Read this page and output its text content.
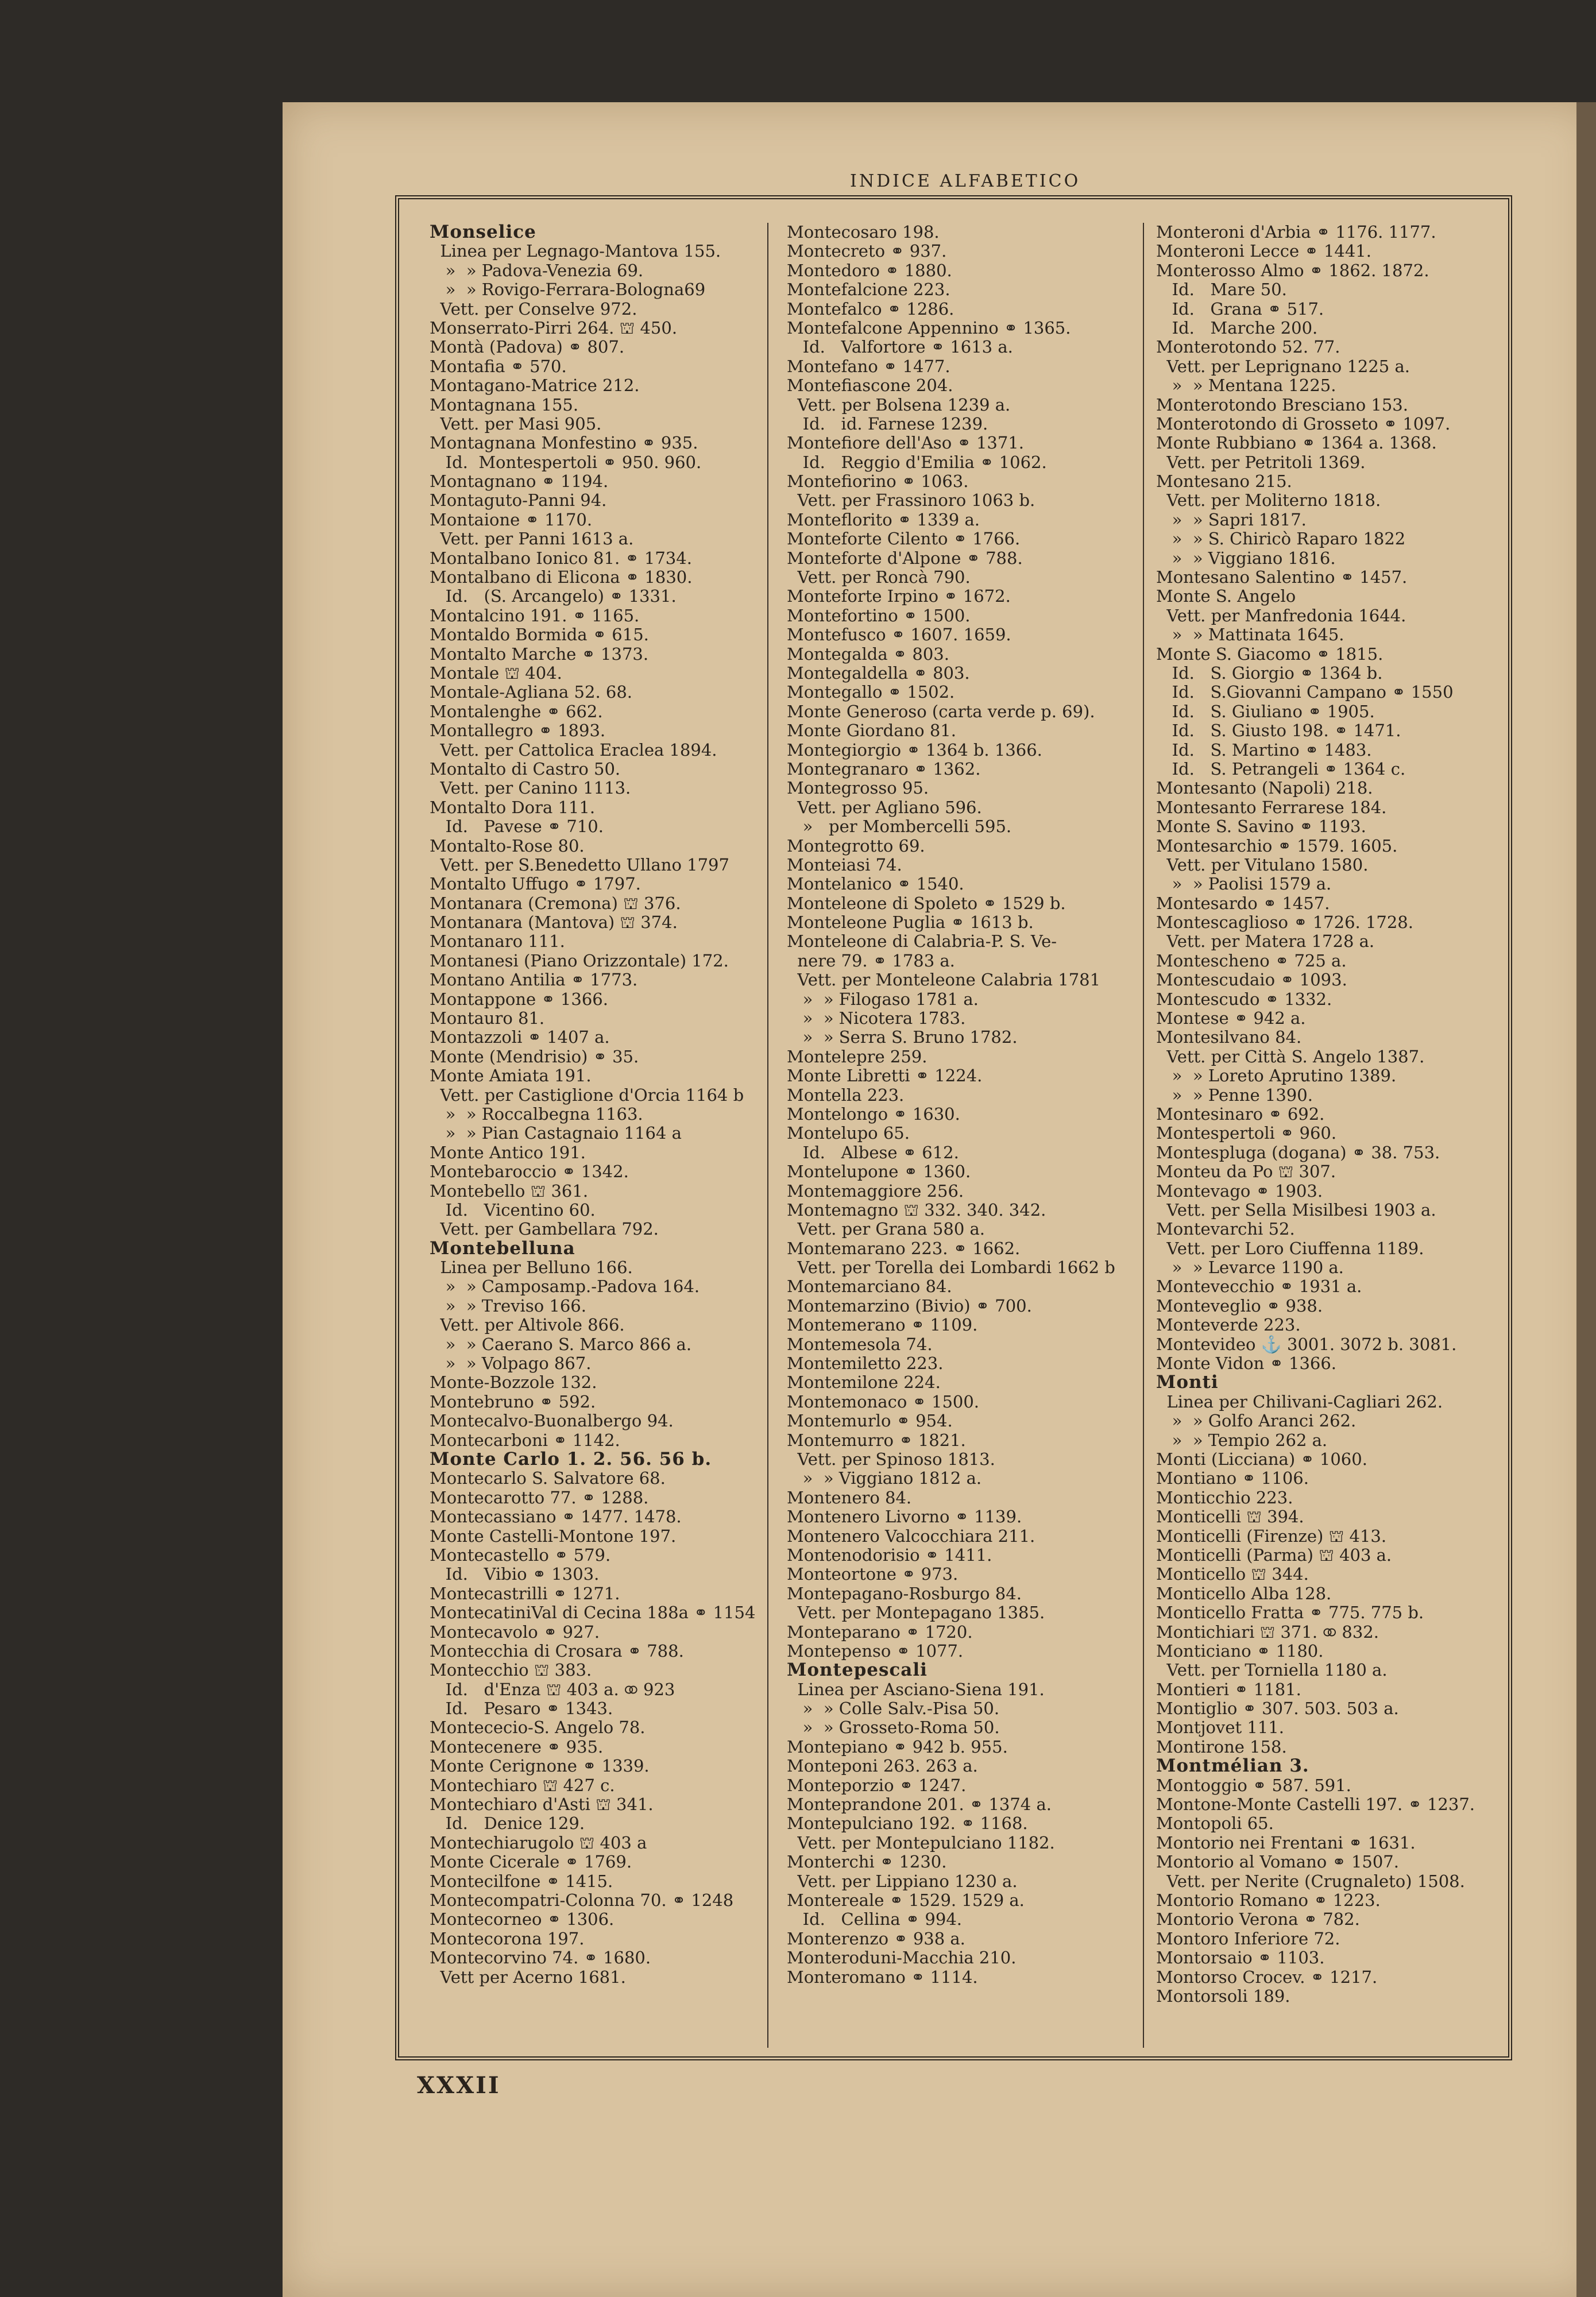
INDICE ALFABETICO
Monselice
Linea per Legnago-Mantova 155.
»  » Padova-Venezia 69.
»  » Rovigo-Ferrara-Bologna69
Vett. per Conselve 972.
Monserrato-Pirri 264. ⛫ 450.
Montà (Padova) ⚭ 807.
Montafia ⚭ 570.
Montagano-Matrice 212.
Montagnana 155.
Vett. per Masi 905.
Montagnana Monfestino ⚭ 935.
Id.  Montespertoli ⚭ 950. 960.
Montagnano ⚭ 1194.
Montaguto-Panni 94.
Montaione ⚭ 1170.
Vett. per Panni 1613 a.
Montalbano Ionico 81. ⚭ 1734.
Montalbano di Elicona ⚭ 1830.
Id.   (S. Arcangelo) ⚭ 1331.
Montalcino 191. ⚭ 1165.
Montaldo Bormida ⚭ 615.
Montalto Marche ⚭ 1373.
Montale ⛫ 404.
Montale-Agliana 52. 68.
Montalenghe ⚭ 662.
Montallegro ⚭ 1893.
Vett. per Cattolica Eraclea 1894.
Montalto di Castro 50.
Vett. per Canino 1113.
Montalto Dora 111.
Id.   Pavese ⚭ 710.
Montalto-Rose 80.
Vett. per S.Benedetto Ullano 1797
Montalto Uffugo ⚭ 1797.
Montanara (Cremona) ⛫ 376.
Montanara (Mantova) ⛫ 374.
Montanaro 111.
Montanesi (Piano Orizzontale) 172.
Montano Antilia ⚭ 1773.
Montappone ⚭ 1366.
Montauro 81.
Montazzoli ⚭ 1407 a.
Monte (Mendrisio) ⚭ 35.
Monte Amiata 191.
Vett. per Castiglione d'Orcia 1164 b
»  » Roccalbegna 1163.
»  » Pian Castagnaio 1164 a
Monte Antico 191.
Montebaroccio ⚭ 1342.
Montebello ⛫ 361.
Id.   Vicentino 60.
Vett. per Gambellara 792.
Montebelluna
Linea per Belluno 166.
»  » Camposamp.-Padova 164.
»  » Treviso 166.
Vett. per Altivole 866.
»  » Caerano S. Marco 866 a.
»  » Volpago 867.
Monte-Bozzole 132.
Montebruno ⚭ 592.
Montecalvo-Buonalbergo 94.
Montecarboni ⚭ 1142.
Monte Carlo 1. 2. 56. 56 b.
Montecarlo S. Salvatore 68.
Montecarotto 77. ⚭ 1288.
Montecassiano ⚭ 1477. 1478.
Monte Castelli-Montone 197.
Montecastello ⚭ 579.
Id.   Vibio ⚭ 1303.
Montecastrilli ⚭ 1271.
MontecatiniVal di Cecina 188a ⚭ 1154
Montecavolo ⚭ 927.
Montecchia di Crosara ⚭ 788.
Montecchio ⛫ 383.
Id.   d'Enza ⛫ 403 a. ⚭ 923
Id.   Pesaro ⚭ 1343.
Montececio-S. Angelo 78.
Montecenere ⚭ 935.
Monte Cerignone ⚭ 1339.
Montechiaro ⛫ 427 c.
Montechiaro d'Asti ⛫ 341.
Id.   Denice 129.
Montechiarugolo ⛫ 403 a
Monte Cicerale ⚭ 1769.
Montecilfone ⚭ 1415.
Montecompatri-Colonna 70. ⚭ 1248
Montecorneo ⚭ 1306.
Montecorona 197.
Montecorvino 74. ⚭ 1680.
Vett per Acerno 1681.
Montecosaro 198.
Montecreto ⚭ 937.
Montedoro ⚭ 1880.
Montefalcione 223.
Montefalco ⚭ 1286.
Montefalcone Appennino ⚭ 1365.
Id.   Valfortore ⚭ 1613 a.
Montefano ⚭ 1477.
Montefiascone 204.
Vett. per Bolsena 1239 a.
Id.   id. Farnese 1239.
Montefiore dell'Aso ⚭ 1371.
Id.   Reggio d'Emilia ⚭ 1062.
Montefiorino ⚭ 1063.
Vett. per Frassinoro 1063 b.
Monteflorito ⚭ 1339 a.
Monteforte Cilento ⚭ 1766.
Monteforte d'Alpone ⚭ 788.
Vett. per Roncà 790.
Monteforte Irpino ⚭ 1672.
Montefortino ⚭ 1500.
Montefusco ⚭ 1607. 1659.
Montegalda ⚭ 803.
Montegaldella ⚭ 803.
Montegallo ⚭ 1502.
Monte Generoso (carta verde p. 69).
Monte Giordano 81.
Montegiorgio ⚭ 1364 b. 1366.
Montegranaro ⚭ 1362.
Montegrosso 95.
Vett. per Agliano 596.
»   per Mombercelli 595.
Montegrotto 69.
Monteiasi 74.
Montelanico ⚭ 1540.
Monteleone di Spoleto ⚭ 1529 b.
Monteleone Puglia ⚭ 1613 b.
Monteleone di Calabria-P. S. Ve-
nere 79. ⚭ 1783 a.
Vett. per Monteleone Calabria 1781
»  » Filogaso 1781 a.
»  » Nicotera 1783.
»  » Serra S. Bruno 1782.
Montelepre 259.
Monte Libretti ⚭ 1224.
Montella 223.
Montelongo ⚭ 1630.
Montelupo 65.
Id.   Albese ⚭ 612.
Montelupone ⚭ 1360.
Montemaggiore 256.
Montemagno ⛫ 332. 340. 342.
Vett. per Grana 580 a.
Montemarano 223. ⚭ 1662.
Vett. per Torella dei Lombardi 1662 b
Montemarciano 84.
Montemarzino (Bivio) ⚭ 700.
Montemerano ⚭ 1109.
Montemesola 74.
Montemiletto 223.
Montemilone 224.
Montemonaco ⚭ 1500.
Montemurlo ⚭ 954.
Montemurro ⚭ 1821.
Vett. per Spinoso 1813.
»  » Viggiano 1812 a.
Montenero 84.
Montenero Livorno ⚭ 1139.
Montenero Valcocchiara 211.
Montenodorisio ⚭ 1411.
Monteortone ⚭ 973.
Montepagano-Rosburgo 84.
Vett. per Montepagano 1385.
Monteparano ⚭ 1720.
Montepenso ⚭ 1077.
Montepescali
Linea per Asciano-Siena 191.
»  » Colle Salv.-Pisa 50.
»  » Grosseto-Roma 50.
Montepiano ⚭ 942 b. 955.
Monteponi 263. 263 a.
Monteporzio ⚭ 1247.
Monteprandone 201. ⚭ 1374 a.
Montepulciano 192. ⚭ 1168.
Vett. per Montepulciano 1182.
Monterchi ⚭ 1230.
Vett. per Lippiano 1230 a.
Montereale ⚭ 1529. 1529 a.
Id.   Cellina ⚭ 994.
Monterenzo ⚭ 938 a.
Monteroduni-Macchia 210.
Monteromano ⚭ 1114.
Monteroni d'Arbia ⚭ 1176. 1177.
Monteroni Lecce ⚭ 1441.
Monterosso Almo ⚭ 1862. 1872.
Id.   Mare 50.
Id.   Grana ⚭ 517.
Id.   Marche 200.
Monterotondo 52. 77.
Vett. per Leprignano 1225 a.
»  » Mentana 1225.
Monterotondo Bresciano 153.
Monterotondo di Grosseto ⚭ 1097.
Monte Rubbiano ⚭ 1364 a. 1368.
Vett. per Petritoli 1369.
Montesano 215.
Vett. per Moliterno 1818.
»  » Sapri 1817.
»  » S. Chiricò Raparo 1822
»  » Viggiano 1816.
Montesano Salentino ⚭ 1457.
Monte S. Angelo
Vett. per Manfredonia 1644.
»  » Mattinata 1645.
Monte S. Giacomo ⚭ 1815.
Id.   S. Giorgio ⚭ 1364 b.
Id.   S.Giovanni Campano ⚭ 1550
Id.   S. Giuliano ⚭ 1905.
Id.   S. Giusto 198. ⚭ 1471.
Id.   S. Martino ⚭ 1483.
Id.   S. Petrangeli ⚭ 1364 c.
Montesanto (Napoli) 218.
Montesanto Ferrarese 184.
Monte S. Savino ⚭ 1193.
Montesarchio ⚭ 1579. 1605.
Vett. per Vitulano 1580.
»  » Paolisi 1579 a.
Montesardo ⚭ 1457.
Montescaglioso ⚭ 1726. 1728.
Vett. per Matera 1728 a.
Montescheno ⚭ 725 a.
Montescudaio ⚭ 1093.
Montescudo ⚭ 1332.
Montese ⚭ 942 a.
Montesilvano 84.
Vett. per Città S. Angelo 1387.
»  » Loreto Aprutino 1389.
»  » Penne 1390.
Montesinaro ⚭ 692.
Montespertoli ⚭ 960.
Montespluga (dogana) ⚭ 38. 753.
Monteu da Po ⛫ 307.
Montevago ⚭ 1903.
Vett. per Sella Misilbesi 1903 a.
Montevarchi 52.
Vett. per Loro Ciuffenna 1189.
»  » Levarce 1190 a.
Montevecchio ⚭ 1931 a.
Monteveglio ⚭ 938.
Monteverde 223.
Montevideo ⚓ 3001. 3072 b. 3081.
Monte Vidon ⚭ 1366.
Monti
Linea per Chilivani-Cagliari 262.
»  » Golfo Aranci 262.
»  » Tempio 262 a.
Monti (Licciana) ⚭ 1060.
Montiano ⚭ 1106.
Monticchio 223.
Monticelli ⛫ 394.
Monticelli (Firenze) ⛫ 413.
Monticelli (Parma) ⛫ 403 a.
Monticello ⛫ 344.
Monticello Alba 128.
Monticello Fratta ⚭ 775. 775 b.
Montichiari ⛫ 371. ⚭ 832.
Monticiano ⚭ 1180.
Vett. per Torniella 1180 a.
Montieri ⚭ 1181.
Montiglio ⚭ 307. 503. 503 a.
Montjovet 111.
Montirone 158.
Montmélian 3.
Montoggio ⚭ 587. 591.
Montone-Monte Castelli 197. ⚭ 1237.
Montopoli 65.
Montorio nei Frentani ⚭ 1631.
Montorio al Vomano ⚭ 1507.
Vett. per Nerite (Crugnaleto) 1508.
Montorio Romano ⚭ 1223.
Montorio Verona ⚭ 782.
Montoro Inferiore 72.
Montorsaio ⚭ 1103.
Montorso Crocev. ⚭ 1217.
Montorsoli 189.
XXXII
